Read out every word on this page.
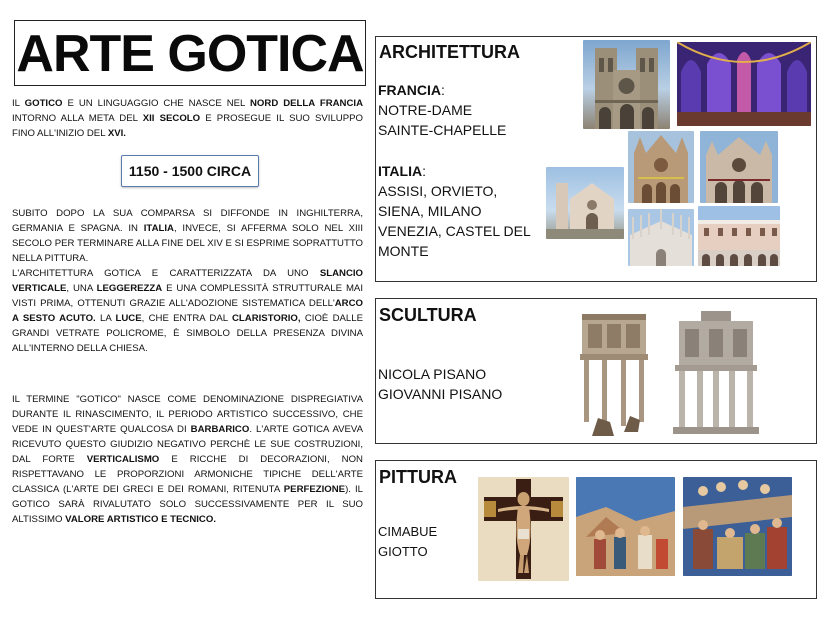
ARTE GOTICA
IL GOTICO E UN LINGUAGGIO CHE NASCE NEL NORD DELLA FRANCIA INTORNO ALLA META DEL XII SECOLO E PROSEGUE IL SUO SVILUPPO FINO ALL'INIZIO DEL XVI.
1150 - 1500 CIRCA
SUBITO DOPO LA SUA COMPARSA SI DIFFONDE IN INGHILTERRA, GERMANIA E SPAGNA. IN ITALIA, INVECE, SI AFFERMA SOLO NEL XIII SECOLO PER TERMINARE ALLA FINE DEL XIV E SI ESPRIME SOPRATTUTTO NELLA PITTURA.
L'ARCHITETTURA GOTICA E CARATTERIZZATA DA UNO SLANCIO VERTICALE, UNA LEGGEREZZA E UNA COMPLESSITÀ STRUTTURALE MAI VISTI PRIMA, OTTENUTI GRAZIE ALL'ADOZIONE SISTEMATICA DELL'ARCO A SESTO ACUTO. LA LUCE, CHE ENTRA DAL CLARISTORIO, CIOÈ DALLE GRANDI VETRATE POLICROME, È SIMBOLO DELLA PRESENZA DIVINA ALL'INTERNO DELLA CHIESA.
IL TERMINE "GOTICO" NASCE COME DENOMINAZIONE DISPREGIATIVA DURANTE IL RINASCIMENTO, IL PERIODO ARTISTICO SUCCESSIVO, CHE VEDE IN QUEST'ARTE QUALCOSA DI BARBARICO. L'ARTE GOTICA AVEVA RICEVUTO QUESTO GIUDIZIO NEGATIVO PERCHÈ LE SUE COSTRUZIONI, DAL FORTE VERTICALISMO E RICCHE DI DECORAZIONI, NON RISPETTAVANO LE PROPORZIONI ARMONICHE TIPICHE DELL'ARTE CLASSICA (L'ARTE DEI GRECI E DEI ROMANI, RITENUTA PERFEZIONE). IL GOTICO SARÀ RIVALUTATO SOLO SUCCESSIVAMENTE PER IL SUO ALTISSIMO VALORE ARTISTICO E TECNICO.
ARCHITETTURA
FRANCIA:
NOTRE-DAME
SAINTE-CHAPELLE
ITALIA:
ASSISI, ORVIETO,
SIENA, MILANO
VENEZIA, CASTEL DEL
MONTE
SCULTURA
NICOLA PISANO
GIOVANNI PISANO
PITTURA
CIMABUE
GIOTTO
